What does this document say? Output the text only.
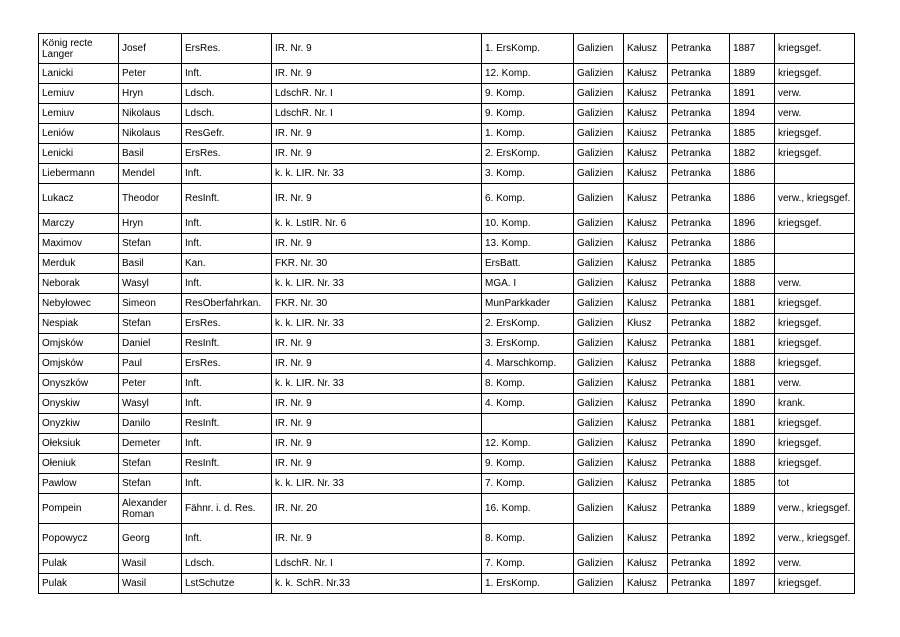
König recte Langer	Josef	ErsRes.	IR. Nr. 9	1. ErsKomp.	Galizien	Kałusz	Petranka	1887	kriegsgef.
Lanicki	Peter	Inft.	IR. Nr. 9	12. Komp.	Galizien	Kałusz	Petranka	1889	kriegsgef.
Lemiuv	Hryn	Ldsch.	LdschR. Nr. I	9. Komp.	Galizien	Kałusz	Petranka	1891	verw.
Lemiuv	Nikolaus	Ldsch.	LdschR. Nr. I	9. Komp.	Galizien	Kałusz	Petranka	1894	verw.
Leniów	Nikolaus	ResGefr.	IR. Nr. 9	1. Komp.	Galizien	Kaiusz	Petranka	1885	kriegsgef.
Lenicki	Basil	ErsRes.	IR. Nr. 9	2. ErsKomp.	Galizien	Kałusz	Petranka	1882	kriegsgef.
Liebermann	Mendel	Inft.	k. k. LIR. Nr. 33	3. Komp.	Galizien	Kałusz	Petranka	1886	
Lukacz	Theodor	ResInft.	IR. Nr. 9	6. Komp.	Galizien	Kałusz	Petranka	1886	verw., kriegsgef.
Marczy	Hryn	Inft.	k. k. LstIR. Nr. 6	10. Komp.	Galizien	Kałusz	Petranka	1896	kriegsgef.
Maximov	Stefan	Inft.	IR. Nr. 9	13. Komp.	Galizien	Kałusz	Petranka	1886	
Merduk	Basil	Kan.	FKR. Nr. 30	ErsBatt.	Galizien	Kałusz	Petranka	1885	
Neborak	Wasyl	Inft.	k. k. LIR. Nr. 33	MGA. I	Galizien	Kałusz	Petranka	1888	verw.
Nebyłowec	Simeon	ResOberfahrkan.	FKR. Nr. 30	MunParkkader	Galizien	Kalusz	Petranka	1881	kriegsgef.
Nespiak	Stefan	ErsRes.	k. k. LIR. Nr. 33	2. ErsKomp.	Galizien	Kłusz	Petranka	1882	kriegsgef.
Omjsków	Daniel	ResInft.	IR. Nr. 9	3. ErsKomp.	Galizien	Kałusz	Petranka	1881	kriegsgef.
Omjsków	Paul	ErsRes.	IR. Nr. 9	4. Marschkomp.	Galizien	Kałusz	Petranka	1888	kriegsgef.
Onyszków	Peter	Inft.	k. k. LIR. Nr. 33	8. Komp.	Galizien	Kałusz	Petranka	1881	verw.
Onyskiw	Wasyl	Inft.	IR. Nr. 9	4. Komp.	Galizien	Kałusz	Petranka	1890	krank.
Onyzkiw	Danilo	ResInft.	IR. Nr. 9		Galizien	Kałusz	Petranka	1881	kriegsgef.
Ołeksiuk	Demeter	Inft.	IR. Nr. 9	12. Komp.	Galizien	Kałusz	Petranka	1890	kriegsgef.
Ołeniuk	Stefan	ResInft.	IR. Nr. 9	9. Komp.	Galizien	Kałusz	Petranka	1888	kriegsgef.
Pawlow	Stefan	Inft.	k. k. LIR. Nr. 33	7. Komp.	Galizien	Kałusz	Petranka	1885	tot
Pompein	Alexander Roman	Fähnr. i. d. Res.	IR. Nr. 20	16. Komp.	Galizien	Kałusz	Petranka	1889	verw., kriegsgef.
Popowycz	Georg	Inft.	IR. Nr. 9	8. Komp.	Galizien	Kałusz	Petranka	1892	verw., kriegsgef.
Pulak	Wasil	Ldsch.	LdschR. Nr. I	7. Komp.	Galizien	Kałusz	Petranka	1892	verw.
Pulak	Wasil	LstSchutze	k. k. SchR. Nr.33	1. ErsKomp.	Galizien	Kałusz	Petranka	1897	kriegsgef.
